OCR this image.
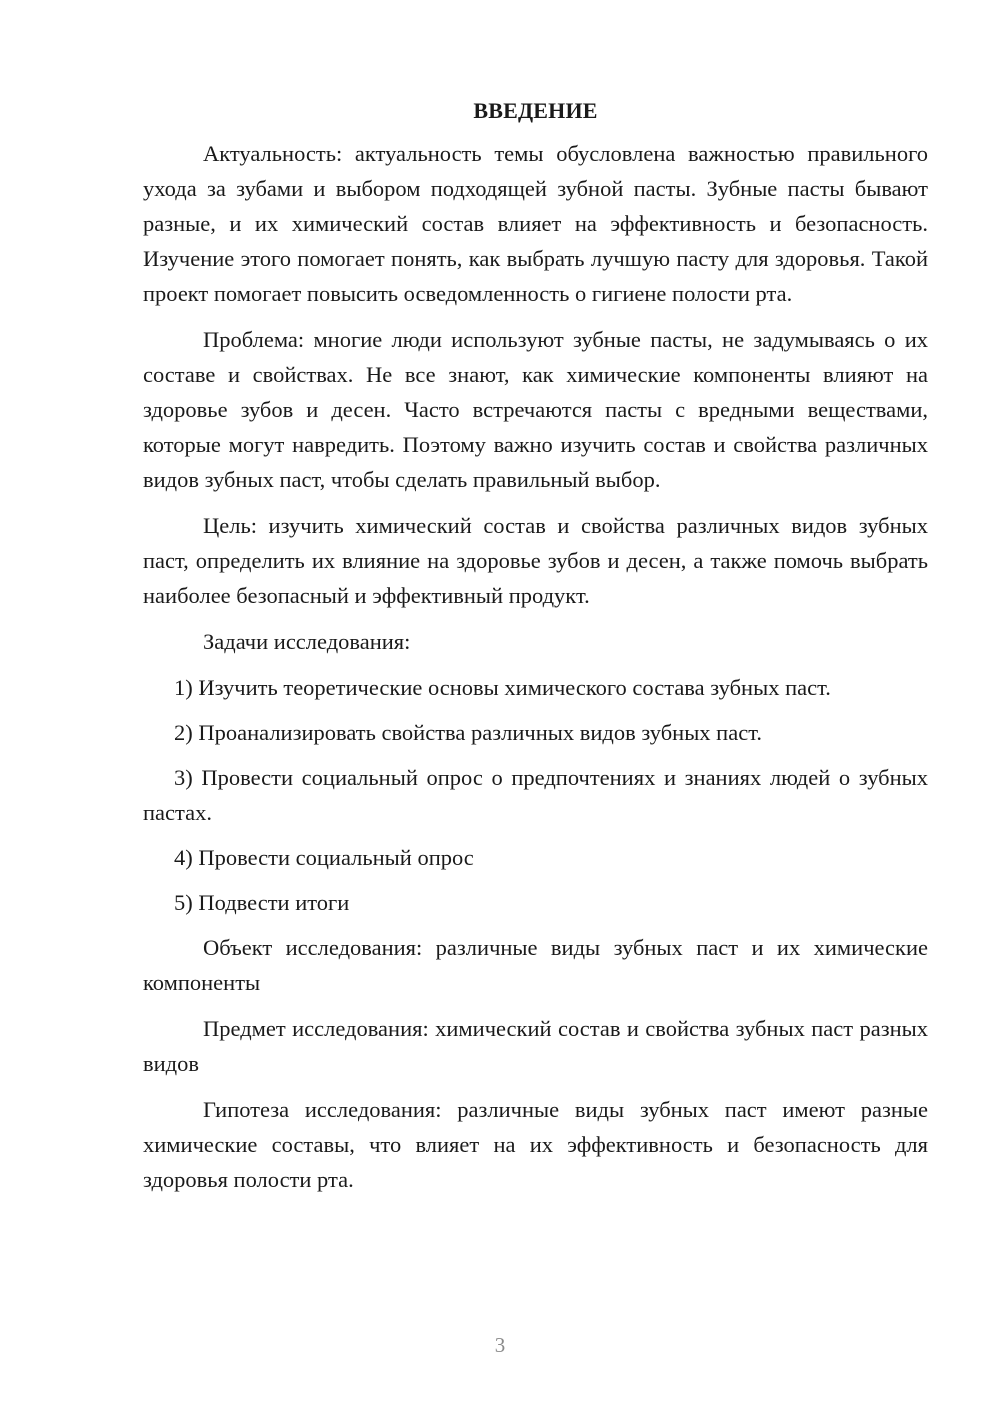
ВВЕДЕНИЕ

Актуальность: актуальность темы обусловлена важностью правильного ухода за зубами и выбором подходящей зубной пасты. Зубные пасты бывают разные, и их химический состав влияет на эффективность и безопасность. Изучение этого помогает понять, как выбрать лучшую пасту для здоровья. Такой проект помогает повысить осведомленность о гигиене полости рта.

Проблема: многие люди используют зубные пасты, не задумываясь о их составе и свойствах. Не все знают, как химические компоненты влияют на здоровье зубов и десен. Часто встречаются пасты с вредными веществами, которые могут навредить. Поэтому важно изучить состав и свойства различных видов зубных паст, чтобы сделать правильный выбор.

Цель: изучить химический состав и свойства различных видов зубных паст, определить их влияние на здоровье зубов и десен, а также помочь выбрать наиболее безопасный и эффективный продукт.

Задачи исследования:

1) Изучить теоретические основы химического состава зубных паст.

2) Проанализировать свойства различных видов зубных паст.

3) Провести социальный опрос о предпочтениях и знаниях людей о зубных пастах.

4) Провести социальный опрос

5) Подвести итоги

Объект исследования: различные виды зубных паст и их химические компоненты

Предмет исследования: химический состав и свойства зубных паст разных видов

Гипотеза исследования: различные виды зубных паст имеют разные химические составы, что влияет на их эффективность и безопасность для здоровья полости рта.

3
